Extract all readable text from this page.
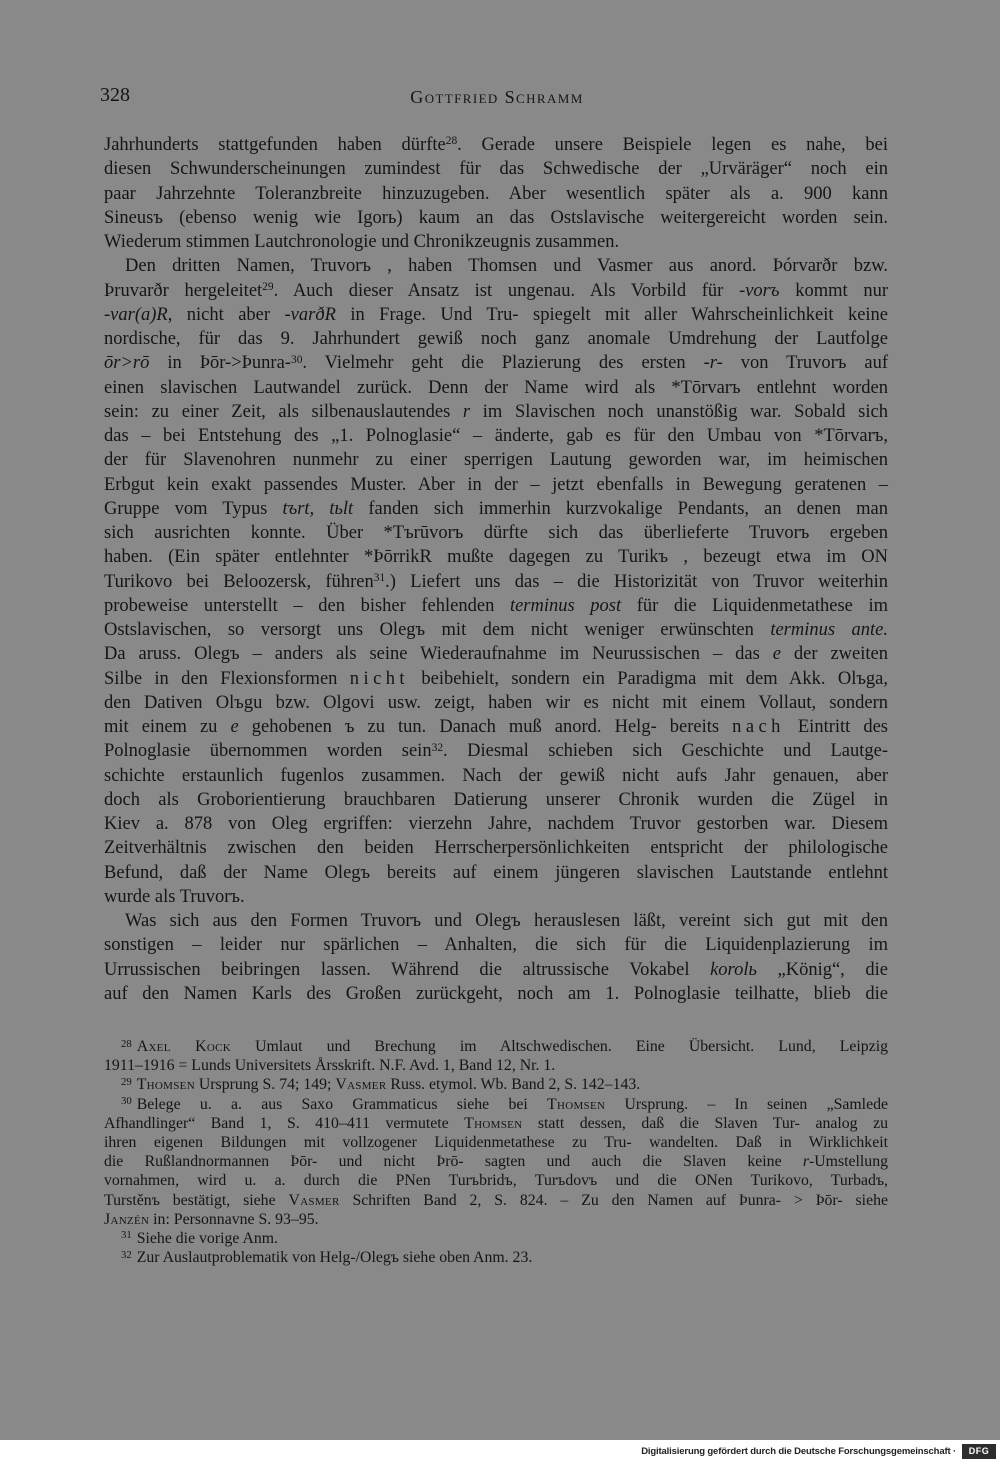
328	Gottfried Schramm
Jahrhunderts stattgefunden haben dürfte$^{28}$. Gerade unsere Beispiele legen es nahe, bei
diesen Schwunderscheinungen zumindest für das Schwedische der „Urväräger“ noch ein
paar Jahrzehnte Toleranzbreite hinzuzugeben. Aber wesentlich später als a. 900 kann
Sineusъ (ebenso wenig wie Igorь) kaum an das Ostslavische weitergereicht worden sein.
Wiederum stimmen Lautchronologie und Chronikzeugnis zusammen.
Den dritten Namen, Truvorъ , haben Thomsen und Vasmer aus anord. Þórvarðr bzw.
Þruvarðr hergeleitet$^{29}$. Auch dieser Ansatz ist ungenau. Als Vorbild für -vorъ kommt nur
-var(a)R, nicht aber -varðR in Frage. Und Tru- spiegelt mit aller Wahrscheinlichkeit keine
nordische, für das 9. Jahrhundert gewiß noch ganz anomale Umdrehung der Lautfolge
ōr>rō in Þōr->Þunra-$^{30}$. Vielmehr geht die Plazierung des ersten -r- von Truvorъ auf
einen slavischen Lautwandel zurück. Denn der Name wird als *Tōrvarъ entlehnt worden
sein: zu einer Zeit, als silbenauslautendes r im Slavischen noch unanstößig war. Sobald sich
das – bei Entstehung des „1. Polnoglasie“ – änderte, gab es für den Umbau von *Tōrvarъ,
der für Slavenohren nunmehr zu einer sperrigen Lautung geworden war, im heimischen
Erbgut kein exakt passendes Muster. Aber in der – jetzt ebenfalls in Bewegung geratenen –
Gruppe vom Typus tъrt, tьlt fanden sich immerhin kurzvokalige Pendants, an denen man
sich ausrichten konnte. Über *Tъrūvorъ dürfte sich das überlieferte Truvorъ ergeben
haben. (Ein später entlehnter *ÞōrrikR mußte dagegen zu Turikъ , bezeugt etwa im ON
Turikovo bei Beloozersk, führen$^{31}$.) Liefert uns das – die Historizität von Truvor weiterhin
probeweise unterstellt – den bisher fehlenden terminus post für die Liquidenmetathese im
Ostslavischen, so versorgt uns Olegъ mit dem nicht weniger erwünschten terminus ante.
Da aruss. Olegъ – anders als seine Wiederaufnahme im Neurussischen – das e der zweiten
Silbe in den Flexionsformen nicht beibehielt, sondern ein Paradigma mit dem Akk. Olъga,
den Dativen Olъgu bzw. Olgovi usw. zeigt, haben wir es nicht mit einem Vollaut, sondern
mit einem zu e gehobenen ъ zu tun. Danach muß anord. Helg- bereits nach Eintritt des
Polnoglasie übernommen worden sein$^{32}$. Diesmal schieben sich Geschichte und Lautge-
schichte erstaunlich fugenlos zusammen. Nach der gewiß nicht aufs Jahr genauen, aber
doch als Groborientierung brauchbaren Datierung unserer Chronik wurden die Zügel in
Kiev a. 878 von Oleg ergriffen: vierzehn Jahre, nachdem Truvor gestorben war. Diesem
Zeitverhältnis zwischen den beiden Herrscherpersönlichkeiten entspricht der philologische
Befund, daß der Name Olegъ bereits auf einem jüngeren slavischen Lautstande entlehnt
wurde als Truvorъ.
Was sich aus den Formen Truvorъ und Olegъ herauslesen läßt, vereint sich gut mit den
sonstigen – leider nur spärlichen – Anhalten, die sich für die Liquidenplazierung im
Urrussischen beibringen lassen. Während die altrussische Vokabel korolь „König“, die
auf den Namen Karls des Großen zurückgeht, noch am 1. Polnoglasie teilhatte, blieb die
$^{28}$ Axel Kock Umlaut und Brechung im Altschwedischen. Eine Übersicht. Lund, Leipzig
1911–1916 = Lunds Universitets Årsskrift. N.F. Avd. 1, Band 12, Nr. 1.
$^{29}$ Thomsen Ursprung S. 74; 149; Vasmer Russ. etymol. Wb. Band 2, S. 142–143.
$^{30}$ Belege u. a. aus Saxo Grammaticus siehe bei Thomsen Ursprung. – In seinen „Samlede
Afhandlinger“ Band 1, S. 410–411 vermutete Thomsen statt dessen, daß die Slaven Tur- analog zu
ihren eigenen Bildungen mit vollzogener Liquidenmetathese zu Tru- wandelten. Daß in Wirklichkeit
die Rußlandnormannen Þōr- und nicht Þrō- sagten und auch die Slaven keine r-Umstellung
vornahmen, wird u. a. durch die PNen Turъbridъ, Turъdovъ und die ONen Turikovo, Turbadъ,
Turstěnъ bestätigt, siehe Vasmer Schriften Band 2, S. 824. – Zu den Namen auf Þunra- > Þōr- siehe
Janzén in: Personnavne S. 93–95.
$^{31}$ Siehe die vorige Anm.
$^{32}$ Zur Auslautproblematik von Helg-/Olegъ siehe oben Anm. 23.
Digitalisierung gefördert durch die Deutsche Forschungsgemeinschaft ·	DFG
